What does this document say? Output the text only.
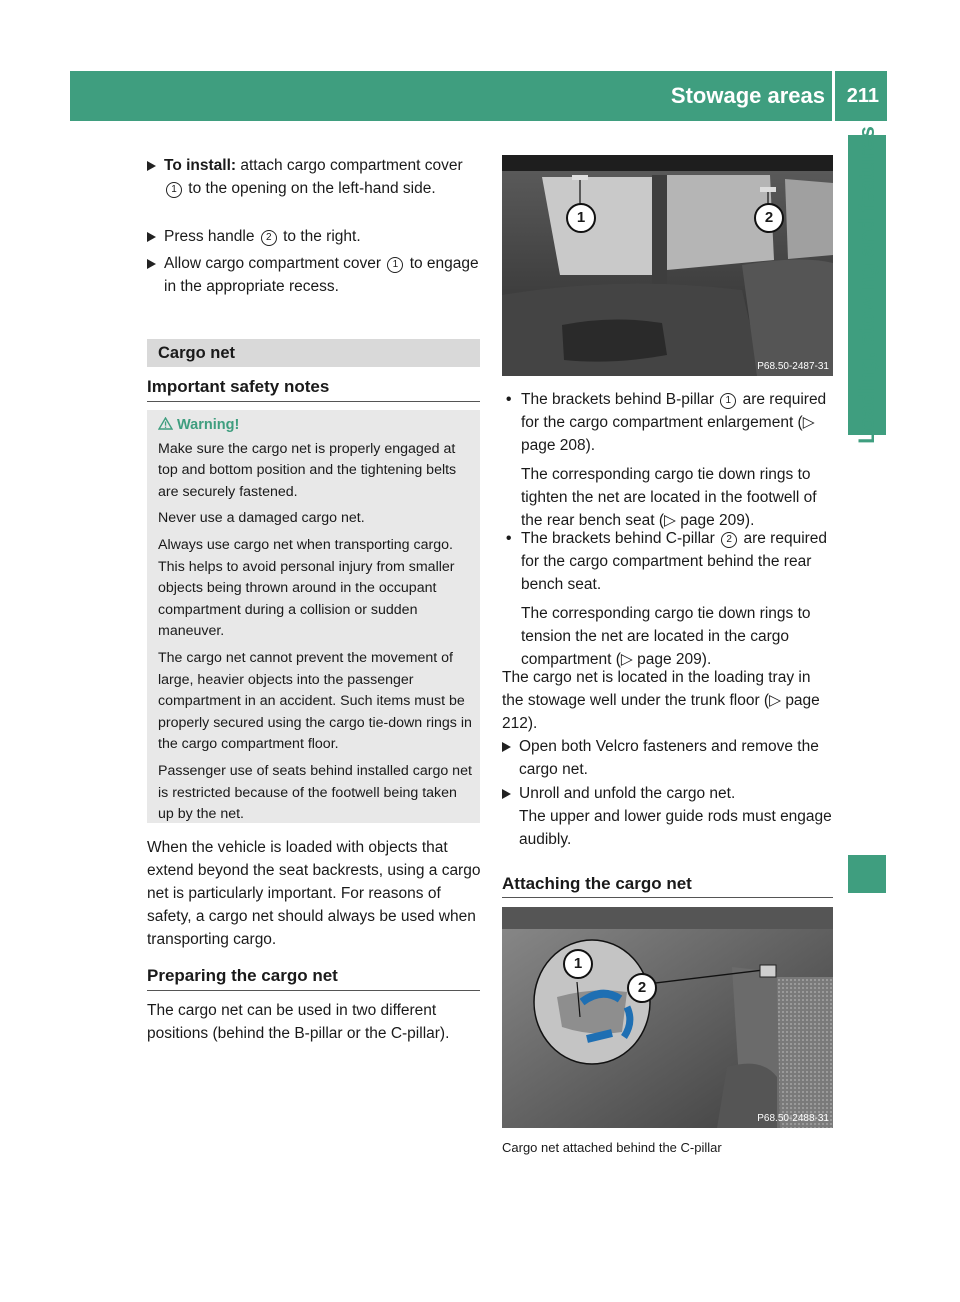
Stowage areas 211
Loading, stowing and features
To install: attach cargo compartment cover 1 to the opening on the left-hand side.
Press handle 2 to the right.
Allow cargo compartment cover 1 to engage in the appropriate recess.
Cargo net
Important safety notes
Warning!

Make sure the cargo net is properly engaged at top and bottom position and the tightening belts are securely fastened.

Never use a damaged cargo net.

Always use cargo net when transporting cargo. This helps to avoid personal injury from smaller objects being thrown around in the occupant compartment during a collision or sudden maneuver.

The cargo net cannot prevent the movement of large, heavier objects into the passenger compartment in an accident. Such items must be properly secured using the cargo tie-down rings in the cargo compartment floor.

Passenger use of seats behind installed cargo net is restricted because of the footwell being taken up by the net.

When the vehicle is loaded with objects that extend beyond the seat backrests, using a cargo net is particularly important. For reasons of safety, a cargo net should always be used when transporting cargo.
Preparing the cargo net
The cargo net can be used in two different positions (behind the B-pillar or the C-pillar).
1	2
P68.50-2487-31
• The brackets behind B-pillar 1 are required for the cargo compartment enlargement (▷ page 208).
The corresponding cargo tie down rings to tighten the net are located in the footwell of the rear bench seat (▷ page 209).
• The brackets behind C-pillar 2 are required for the cargo compartment behind the rear bench seat.
The corresponding cargo tie down rings to tension the net are located in the cargo compartment (▷ page 209).
The cargo net is located in the loading tray in the stowage well under the trunk floor (▷ page 212).
Open both Velcro fasteners and remove the cargo net.
Unroll and unfold the cargo net.
The upper and lower guide rods must engage audibly.
Attaching the cargo net
1
2
P68.50-2488-31
Cargo net attached behind the C-pillar
